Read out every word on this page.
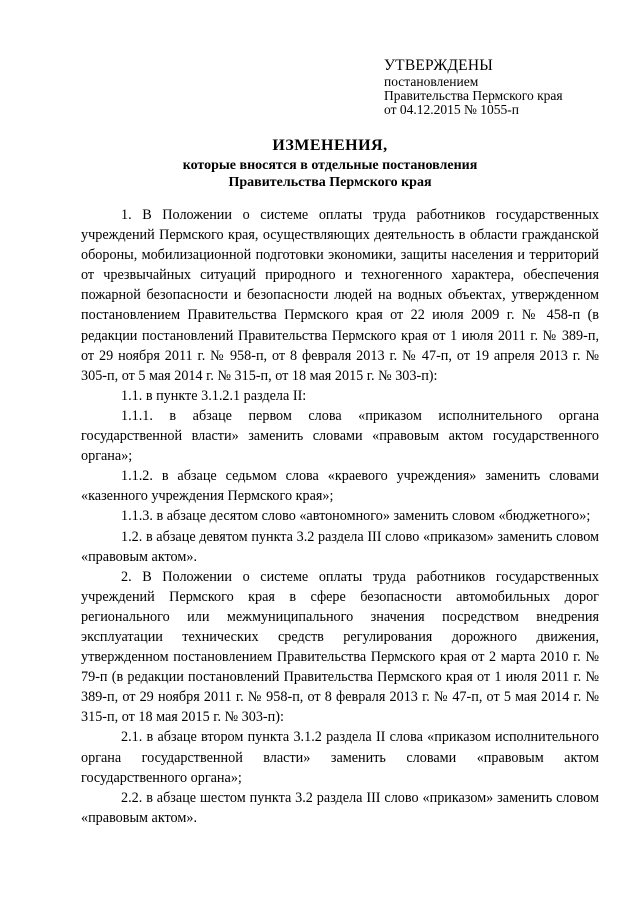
УТВЕРЖДЕНЫ
постановлением
Правительства Пермского края
от 04.12.2015 № 1055-п
ИЗМЕНЕНИЯ,
которые вносятся в отдельные постановления
Правительства Пермского края

1. В Положении о системе оплаты труда работников государственных учреждений Пермского края, осуществляющих деятельность в области гражданской обороны, мобилизационной подготовки экономики, защиты населения и территорий от чрезвычайных ситуаций природного и техногенного характера, обеспечения пожарной безопасности и безопасности людей на водных объектах, утвержденном постановлением Правительства Пермского края от 22 июля 2009 г. № 458-п (в редакции постановлений Правительства Пермского края от 1 июля 2011 г. № 389-п, от 29 ноября 2011 г. № 958-п, от 8 февраля 2013 г. № 47-п, от 19 апреля 2013 г. № 305-п, от 5 мая 2014 г. № 315-п, от 18 мая 2015 г. № 303-п):

1.1. в пункте 3.1.2.1 раздела II:

1.1.1. в абзаце первом слова «приказом исполнительного органа государственной власти» заменить словами «правовым актом государственного органа»;

1.1.2. в абзаце седьмом слова «краевого учреждения» заменить словами «казенного учреждения Пермского края»;

1.1.3. в абзаце десятом слово «автономного» заменить словом «бюджетного»;

1.2. в абзаце девятом пункта 3.2 раздела III слово «приказом» заменить словом «правовым актом».

2. В Положении о системе оплаты труда работников государственных учреждений Пермского края в сфере безопасности автомобильных дорог регионального или межмуниципального значения посредством внедрения эксплуатации технических средств регулирования дорожного движения, утвержденном постановлением Правительства Пермского края от 2 марта 2010 г. № 79-п (в редакции постановлений Правительства Пермского края от 1 июля 2011 г. № 389-п, от 29 ноября 2011 г. № 958-п, от 8 февраля 2013 г. № 47-п, от 5 мая 2014 г. № 315-п, от 18 мая 2015 г. № 303-п):

2.1. в абзаце втором пункта 3.1.2 раздела II слова «приказом исполнительного органа государственной власти» заменить словами «правовым актом государственного органа»;

2.2. в абзаце шестом пункта 3.2 раздела III слово «приказом» заменить словом «правовым актом».
